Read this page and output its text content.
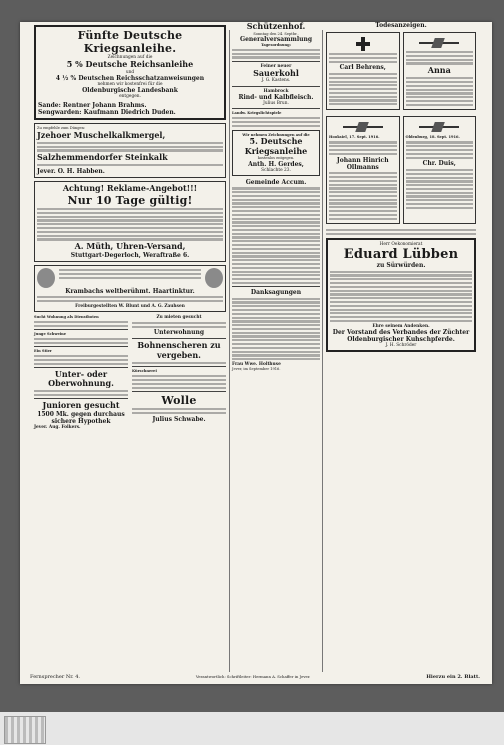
Fünfte Deutsche Kriegsanleihe.
Zeichnungen auf die
5 % Deutsche Reichsanleihe
und
4 ½ % Deutschen Reichsschatzanweisungen
nehmen wir kostenfrei für die
Oldenburgische Landesbank
entgegen.
Sande: Rentner Johann Brahms.
Sengwarden: Kaufmann Diedrich Duden.
Zu empfehle zum Düngen:
Jzehoer Muschelkalkmergel,
Salzhemmendorfer Steinkalk
Jever. O. H. Habben.
Achtung! Reklame-Angebot!!!
Nur 10 Tage gültig!
A. Müth, Uhren-Versand,
Stuttgart-Degerloch, Weraftraße 6.
Krambachs weltberühmt. Haartinktur.
Freiburgestellten W. Blunt und A. G. Zauhsen
Sucht Wohnung als Dienstboten
Junge Schweine
Ein Stier
Unter- oder Oberwohnung.
Junioren gesucht
1500 Mk. gegen durchaus sichere Hypothek
Jever. Aug. Folkers.
Zu mieten gesucht
Unterwohnung
Bohnenscheren zu vergeben.
Kürschnerei
Wolle
Julius Schwabe.
Schützenhof.
Sonntag den 24. Septbr.,
Generalversammlung
Tagesordnung:
Feiner neuer
Sauerkohl
J. G. Kastens.
Hambrock
Rind- und Kalbfleisch.
Julius Brun.
Landw. Kriegslichtspiele
Wir nehmen Zeichnungen auf die
5. Deutsche Kriegsanleihe
kostenlos entgegen.
Anth. H. Gerdes,
Schlachte 23.
Gemeinde Accum.
Danksagungen
Frau Wwe. Holthuse
Jever, im September 1916.
Todesanzeigen.
Carl Behrens,	Anna
Hooksiel, 17. Sept. 1916.
Johann Hinrich Ollmanns
Oldenburg, 18. Sept. 1916.
Chr. Duis,
Herr Oekonomierat
Eduard Lübben
zu Sürwürden.
Ehre seinem Andenken.
Der Vorstand des Verbandes der Züchter Oldenburgischer Kuhschpferde.
J. H. Schröder
Fernsprecher Nr. 4.	Verantwortlich: Schriftleiter: Hermann A. Schaffer in Jever.	Hierzu ein 2. Blatt.
